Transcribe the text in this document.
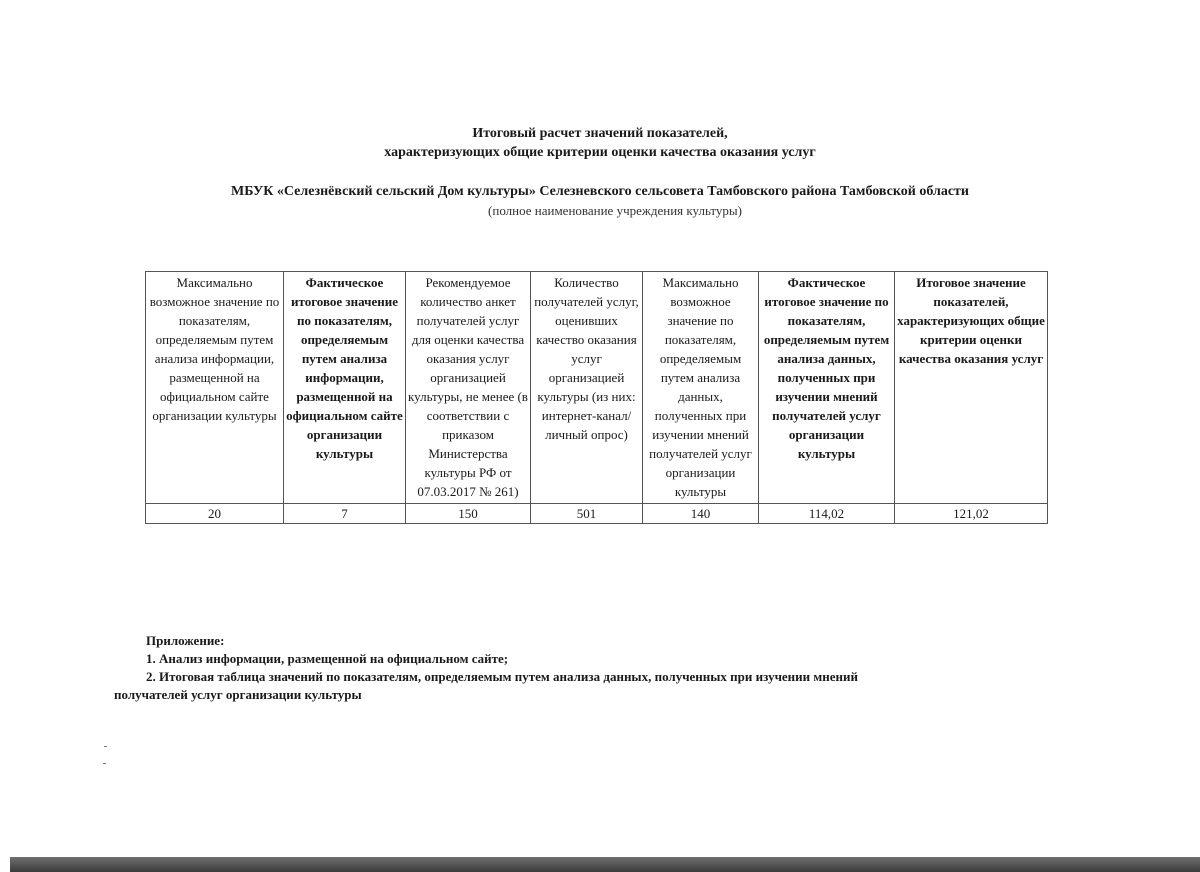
Итоговый расчет значений показателей,
характеризующих общие критерии оценки качества оказания услуг
МБУК «Селезнёвский сельский Дом культуры» Селезневского сельсовета Тамбовского района Тамбовской области
(полное наименование учреждения культуры)
Максимально возможное значение по показателям, определяемым путем анализа информации, размещенной на официальном сайте организации культуры	Фактическое итоговое значение по показателям, определяемым путем анализа информации, размещенной на официальном сайте организации культуры	Рекомендуемое количество анкет получателей услуг для оценки качества оказания услуг организацией культуры, не менее (в соответствии с приказом Министерства культуры РФ от 07.03.2017 № 261)	Количество получателей услуг, оценивших качество оказания услуг организацией культуры (из них: интернет-канал/ личный опрос)	Максимально возможное значение по показателям, определяемым путем анализа данных, полученных при изучении мнений получателей услуг организации культуры	Фактическое итоговое значение по показателям, определяемым путем анализа данных, полученных при изучении мнений получателей услуг организации культуры	Итоговое значение показателей, характеризующих общие критерии оценки качества оказания услуг
20	7	150	501	140	114,02	121,02
Приложение:
1. Анализ информации, размещенной на официальном сайте;
2. Итоговая таблица значений по показателям, определяемым путем анализа данных, полученных при изучении мнений
получателей услуг организации культуры
